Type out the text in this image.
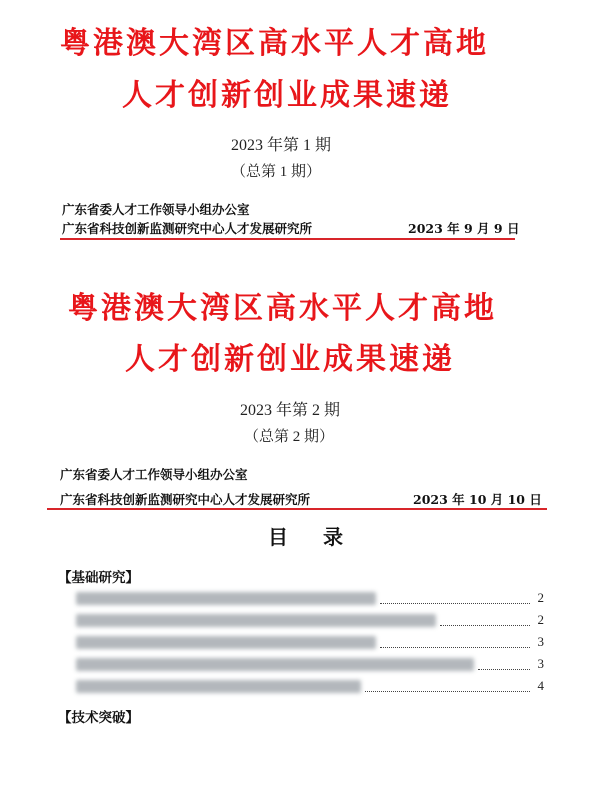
粤港澳大湾区高水平人才高地
人才创新创业成果速递
2023 年第 1 期
（总第 1 期）
广东省委人才工作领导小组办公室
广东省科技创新监测研究中心人才发展研究所	2023 年 9 月 9 日
粤港澳大湾区高水平人才高地
人才创新创业成果速递
2023 年第 2 期
（总第 2 期）
广东省委人才工作领导小组办公室
广东省科技创新监测研究中心人才发展研究所	2023 年 10 月 10 日
目 录
【基础研究】
2
2
3
3
4
【技术突破】
